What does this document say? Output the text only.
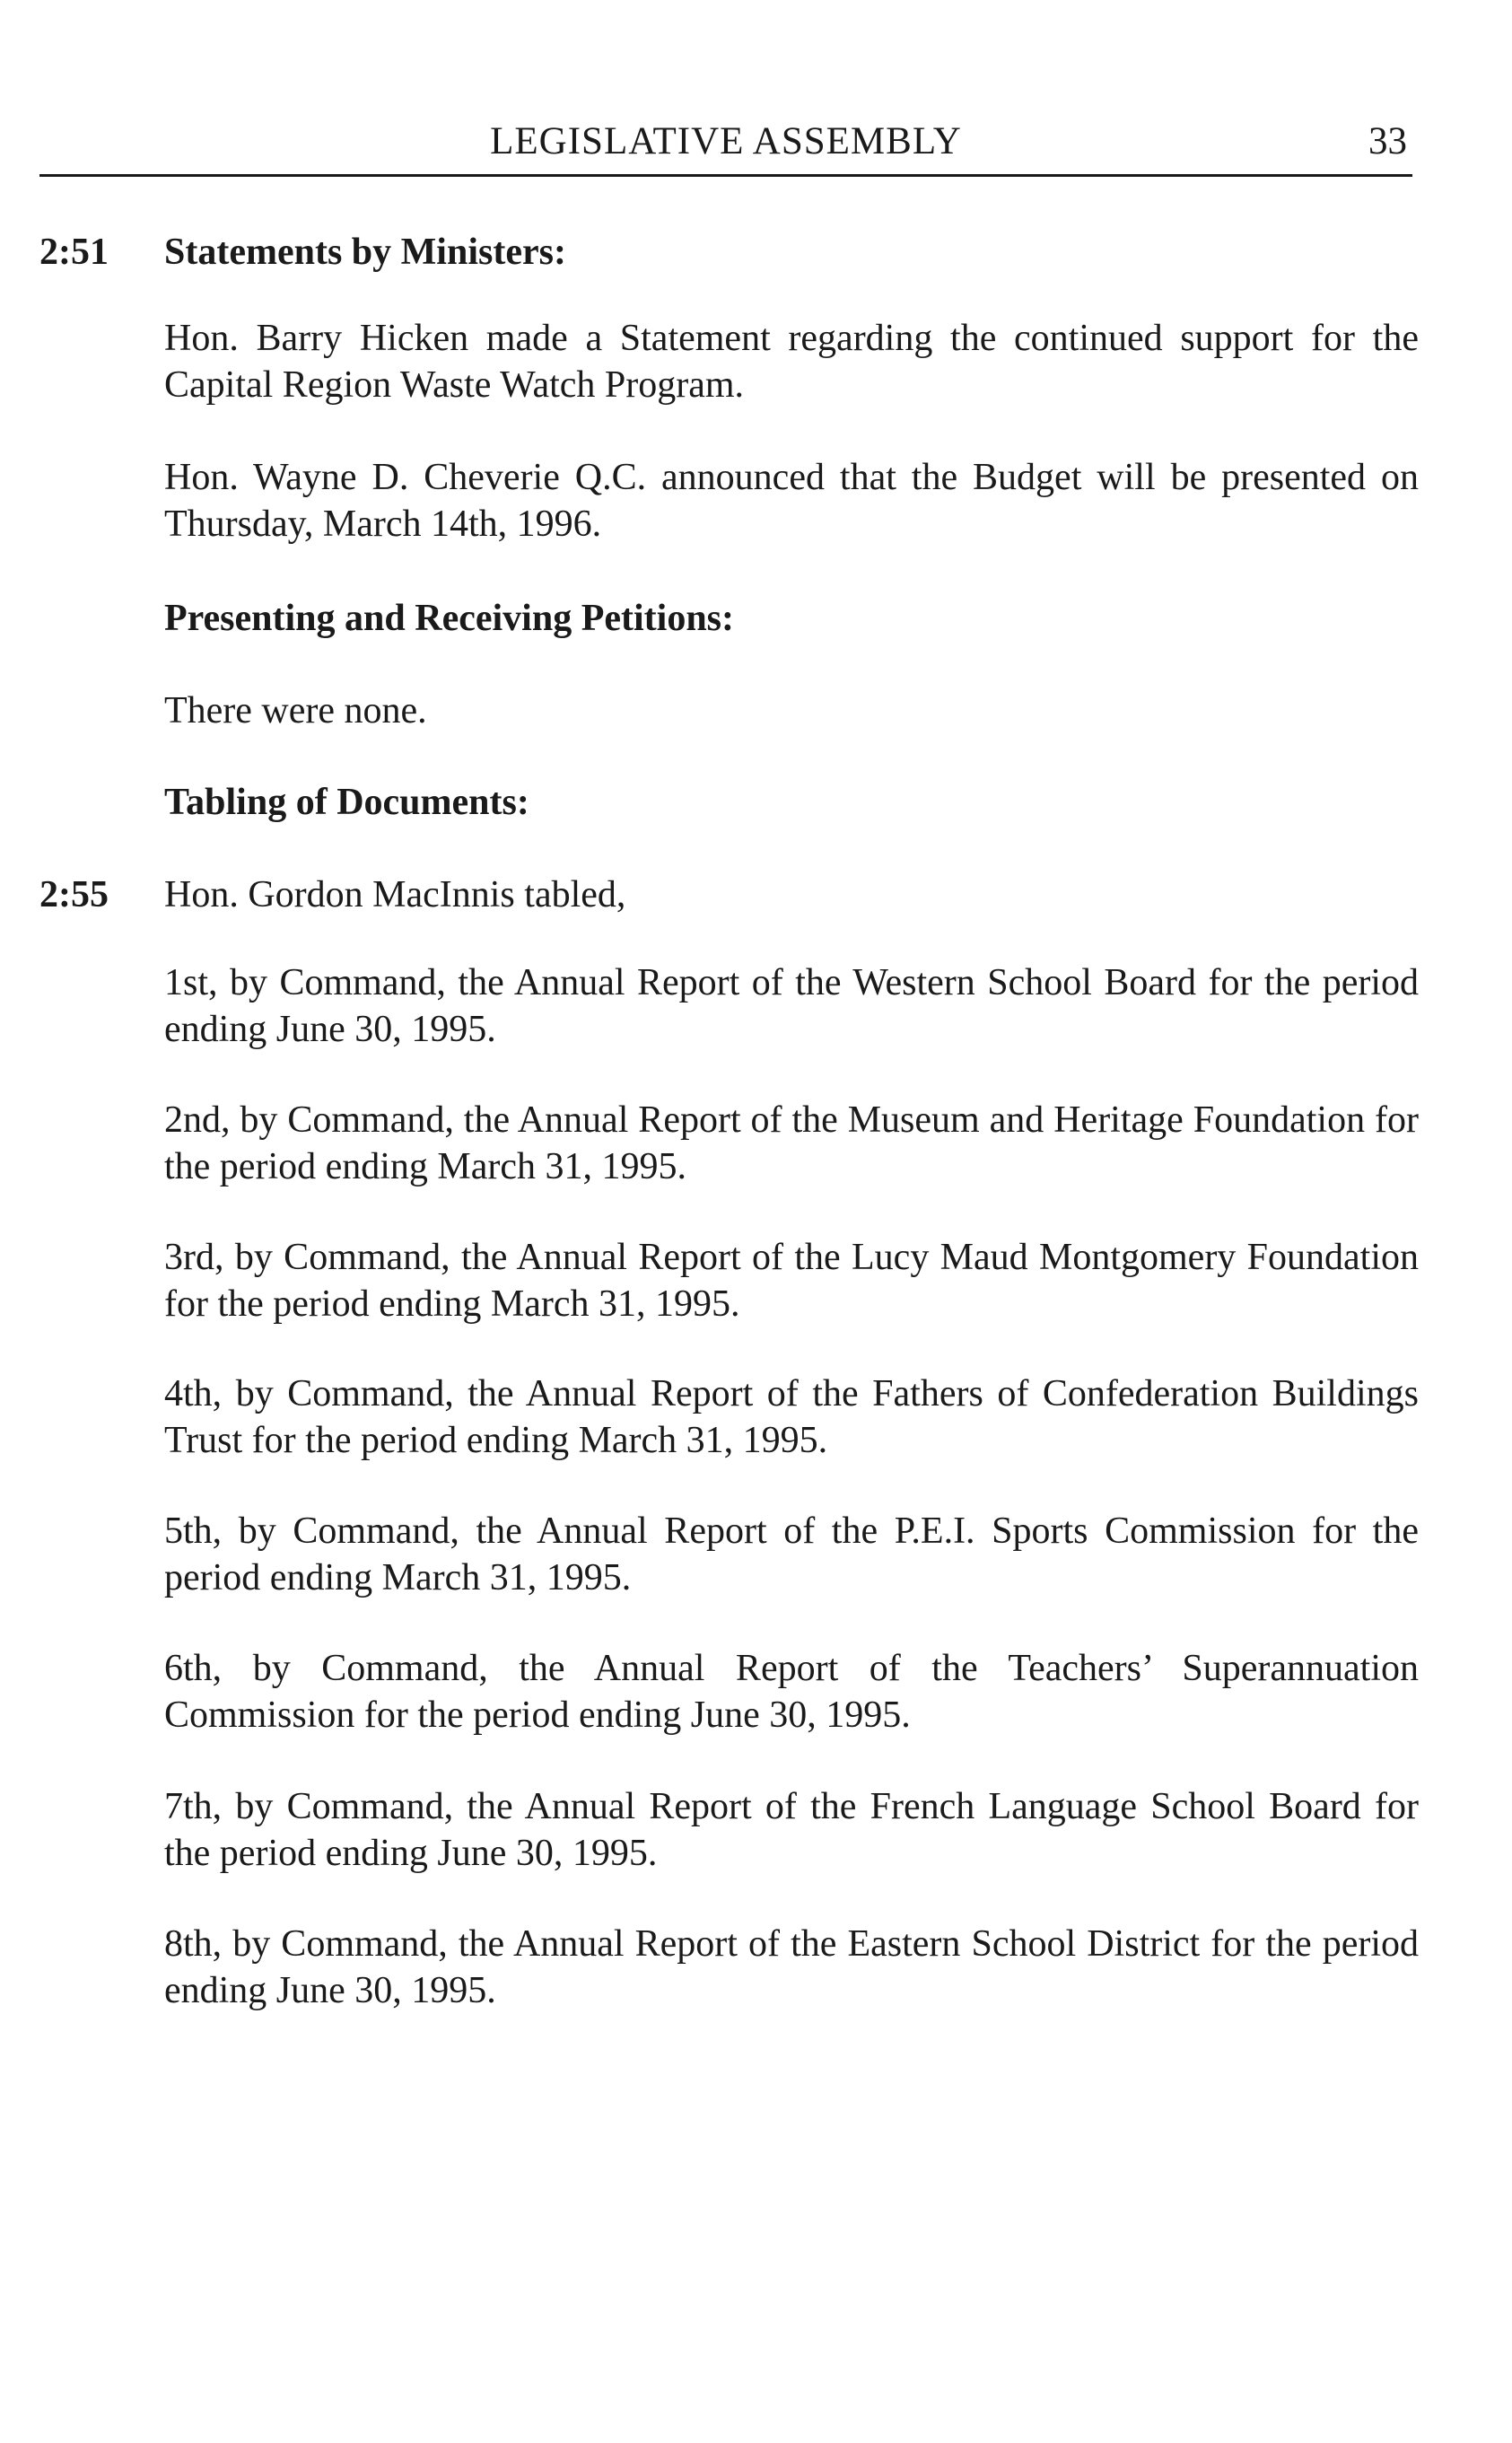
LEGISLATIVE ASSEMBLY	33
2:51 Statements by Ministers:
Hon. Barry Hicken made a Statement regarding the continued support for the Capital Region Waste Watch Program.
Hon. Wayne D. Cheverie Q.C. announced that the Budget will be presented on Thursday, March 14th, 1996.
Presenting and Receiving Petitions:
There were none.
Tabling of Documents:
2:55 Hon. Gordon MacInnis tabled,
1st, by Command, the Annual Report of the Western School Board for the period ending June 30, 1995.
2nd, by Command, the Annual Report of the Museum and Heritage Foundation for the period ending March 31, 1995.
3rd, by Command, the Annual Report of the Lucy Maud Montgomery Foundation for the period ending March 31, 1995.
4th, by Command, the Annual Report of the Fathers of Confederation Buildings Trust for the period ending March 31, 1995.
5th, by Command, the Annual Report of the P.E.I. Sports Commission for the period ending March 31, 1995.
6th, by Command, the Annual Report of the Teachers’ Superannuation Commission for the period ending June 30, 1995.
7th, by Command, the Annual Report of the French Language School Board for the period ending June 30, 1995.
8th, by Command, the Annual Report of the Eastern School District for the period ending June 30, 1995.
